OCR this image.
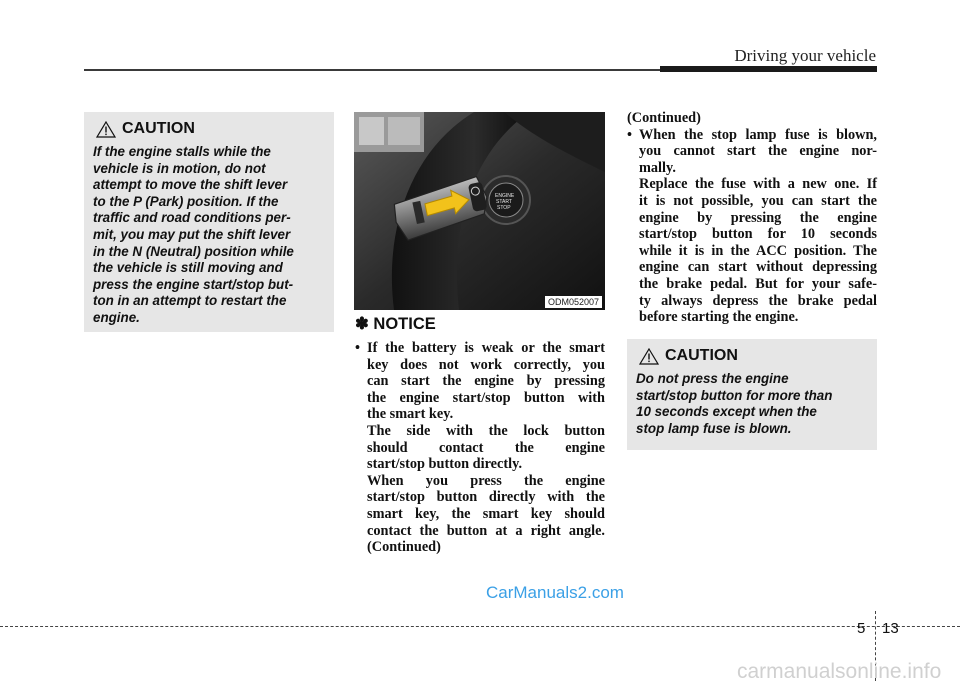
Driving your vehicle
CAUTION
If the engine stalls while the
vehicle is in motion, do not
attempt to move the shift lever
to the P (Park) position. If the
traffic and road conditions per-
mit, you may put the shift lever
in the N (Neutral) position while
the vehicle is still moving and
press the engine start/stop but-
ton in an attempt to restart the
engine.
ENGINE
START
STOP
ODM052007
✽ NOTICE
• If the battery is weak or the smart

key does not work correctly, you

can start the engine by pressing

the engine start/stop button with

the smart key.

The side with the lock button

should contact the engine

start/stop button directly.

When you press the engine

start/stop button directly with the

smart key, the smart key should

contact the button at a right angle.

(Continued)

(Continued)

• When the stop lamp fuse is blown,

you cannot start the engine nor-

mally.

Replace the fuse with a new one. If

it is not possible, you can start the

engine by pressing the engine

start/stop button for 10 seconds

while it is in the ACC position. The

engine can start without depressing

the brake pedal. But for your safe-

ty always depress the brake pedal

before starting the engine.

CAUTION
Do not press the engine
start/stop button for more than
10 seconds except when the
stop lamp fuse is blown.
CarManuals2.com
5 13
carmanualsonline.info
